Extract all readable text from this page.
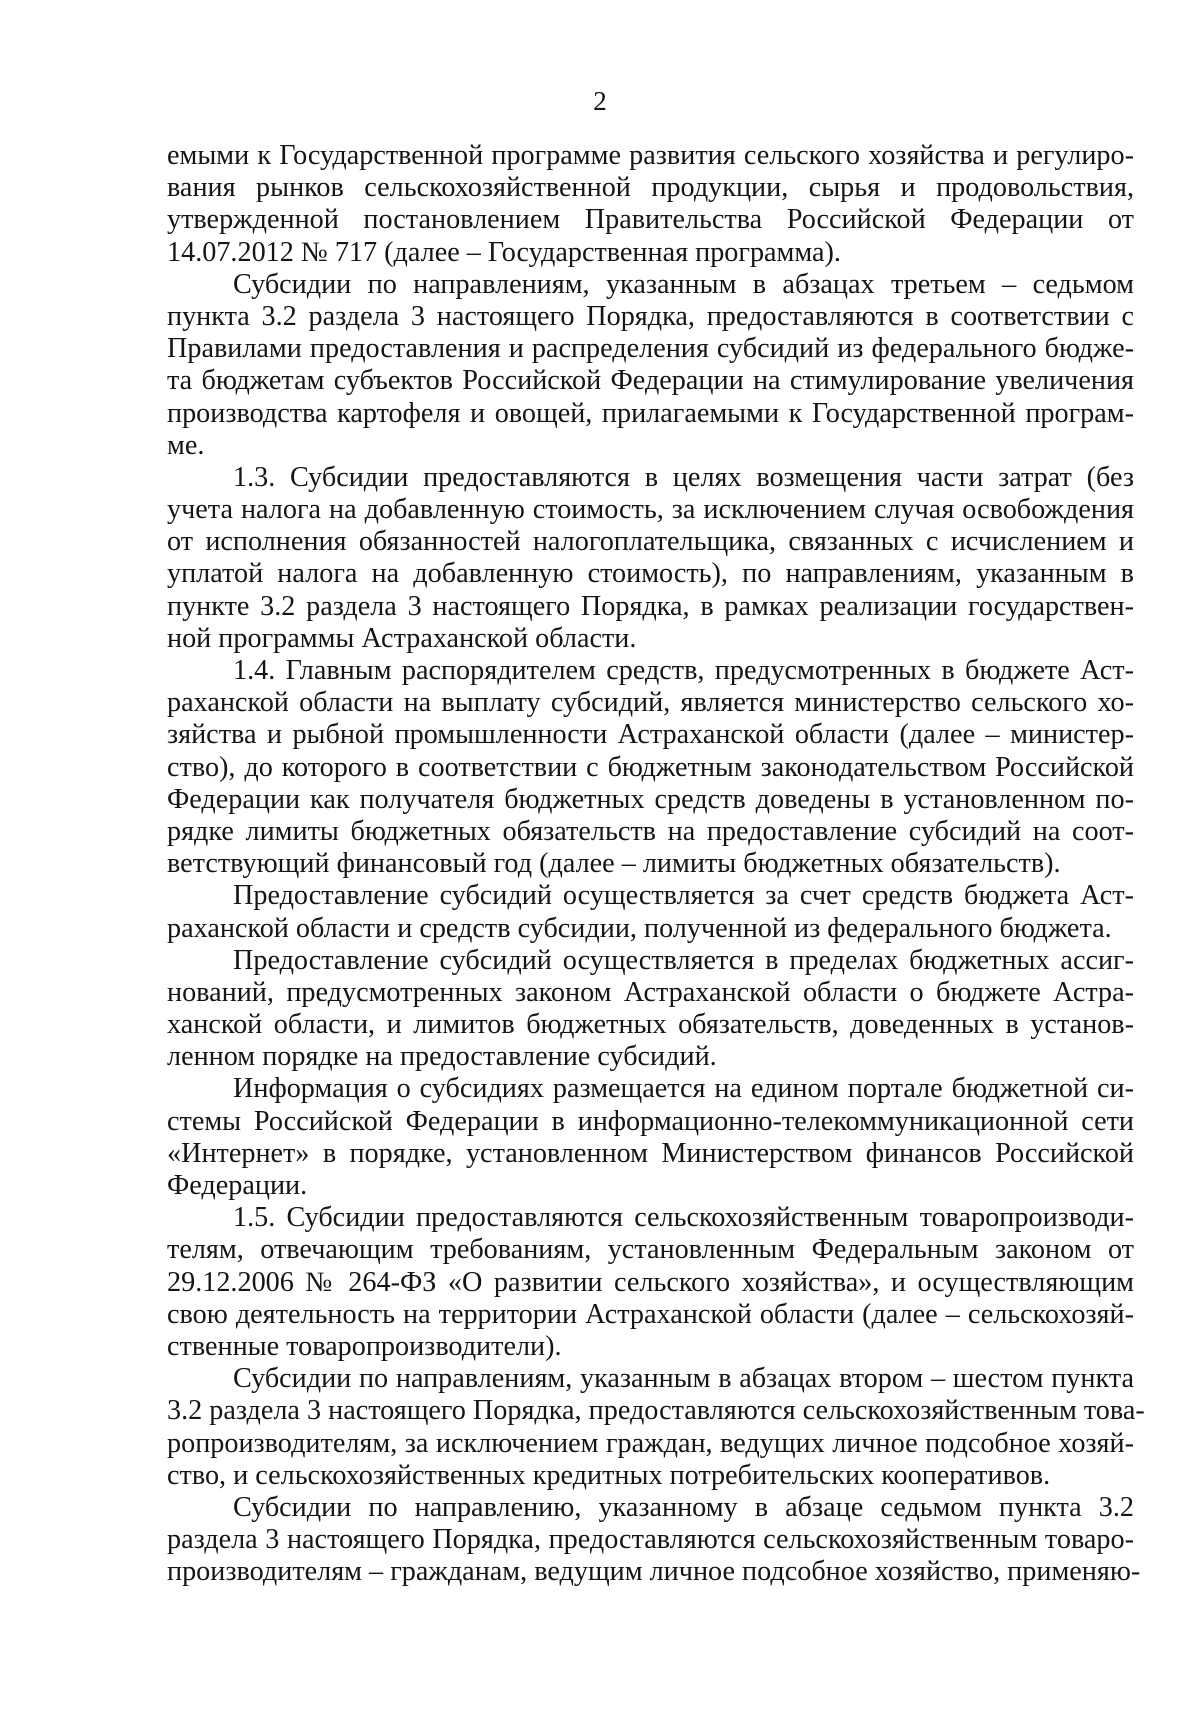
2
емыми к Государственной программе развития сельского хозяйства и регулиро-
вания рынков сельскохозяйственной продукции, сырья и продовольствия,
утвержденной постановлением Правительства Российской Федерации от
14.07.2012 № 717 (далее – Государственная программа).
Субсидии по направлениям, указанным в абзацах третьем – седьмом
пункта 3.2 раздела 3 настоящего Порядка, предоставляются в соответствии с
Правилами предоставления и распределения субсидий из федерального бюдже-
та бюджетам субъектов Российской Федерации на стимулирование увеличения
производства картофеля и овощей, прилагаемыми к Государственной програм-
ме.
1.3. Субсидии предоставляются в целях возмещения части затрат (без
учета налога на добавленную стоимость, за исключением случая освобождения
от исполнения обязанностей налогоплательщика, связанных с исчислением и
уплатой налога на добавленную стоимость), по направлениям, указанным в
пункте 3.2 раздела 3 настоящего Порядка, в рамках реализации государствен-
ной программы Астраханской области.
1.4. Главным распорядителем средств, предусмотренных в бюджете Аст-
раханской области на выплату субсидий, является министерство сельского хо-
зяйства и рыбной промышленности Астраханской области (далее – министер-
ство), до которого в соответствии с бюджетным законодательством Российской
Федерации как получателя бюджетных средств доведены в установленном по-
рядке лимиты бюджетных обязательств на предоставление субсидий на соот-
ветствующий финансовый год (далее – лимиты бюджетных обязательств).
Предоставление субсидий осуществляется за счет средств бюджета Аст-
раханской области и средств субсидии, полученной из федерального бюджета.
Предоставление субсидий осуществляется в пределах бюджетных ассиг-
нований, предусмотренных законом Астраханской области о бюджете Астра-
ханской области, и лимитов бюджетных обязательств, доведенных в установ-
ленном порядке на предоставление субсидий.
Информация о субсидиях размещается на едином портале бюджетной си-
стемы Российской Федерации в информационно-телекоммуникационной сети
«Интернет» в порядке, установленном Министерством финансов Российской
Федерации.
1.5. Субсидии предоставляются сельскохозяйственным товаропроизводи-
телям, отвечающим требованиям, установленным Федеральным законом от
29.12.2006 № 264-ФЗ «О развитии сельского хозяйства», и осуществляющим
свою деятельность на территории Астраханской области (далее – сельскохозяй-
ственные товаропроизводители).
Субсидии по направлениям, указанным в абзацах втором – шестом пункта
3.2 раздела 3 настоящего Порядка, предоставляются сельскохозяйственным това-
ропроизводителям, за исключением граждан, ведущих личное подсобное хозяй-
ство, и сельскохозяйственных кредитных потребительских кооперативов.
Субсидии по направлению, указанному в абзаце седьмом пункта 3.2
раздела 3 настоящего Порядка, предоставляются сельскохозяйственным товаро-
производителям – гражданам, ведущим личное подсобное хозяйство, применяю-
